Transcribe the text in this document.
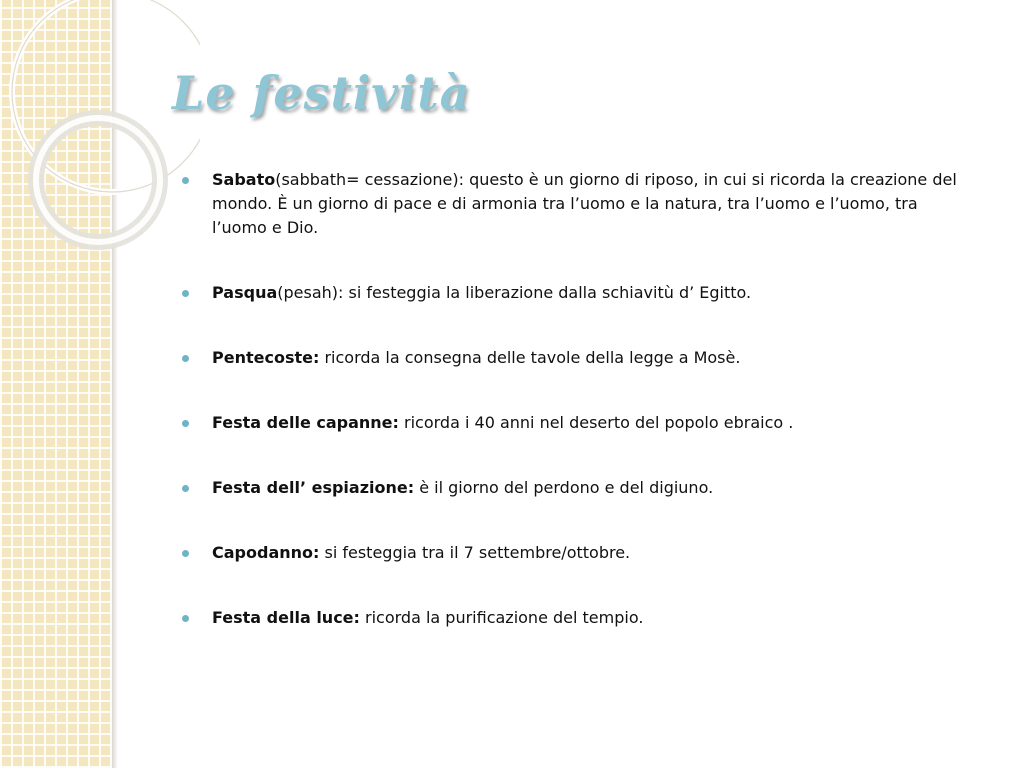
Le festività
Sabato(sabbath= cessazione): questo è un giorno di riposo, in cui si ricorda la creazione del mondo. È un giorno di pace e di armonia tra l’uomo e la natura, tra l’uomo e l’uomo, tra l’uomo e Dio.
Pasqua(pesah): si festeggia la liberazione dalla schiavitù d’ Egitto.
Pentecoste: ricorda la consegna delle tavole della legge a Mosè.
Festa delle capanne: ricorda i 40 anni nel deserto del popolo ebraico .
Festa dell’ espiazione: è il giorno del perdono e del digiuno.
Capodanno: si festeggia tra il 7 settembre/ottobre.
Festa della luce: ricorda la purificazione del tempio.
